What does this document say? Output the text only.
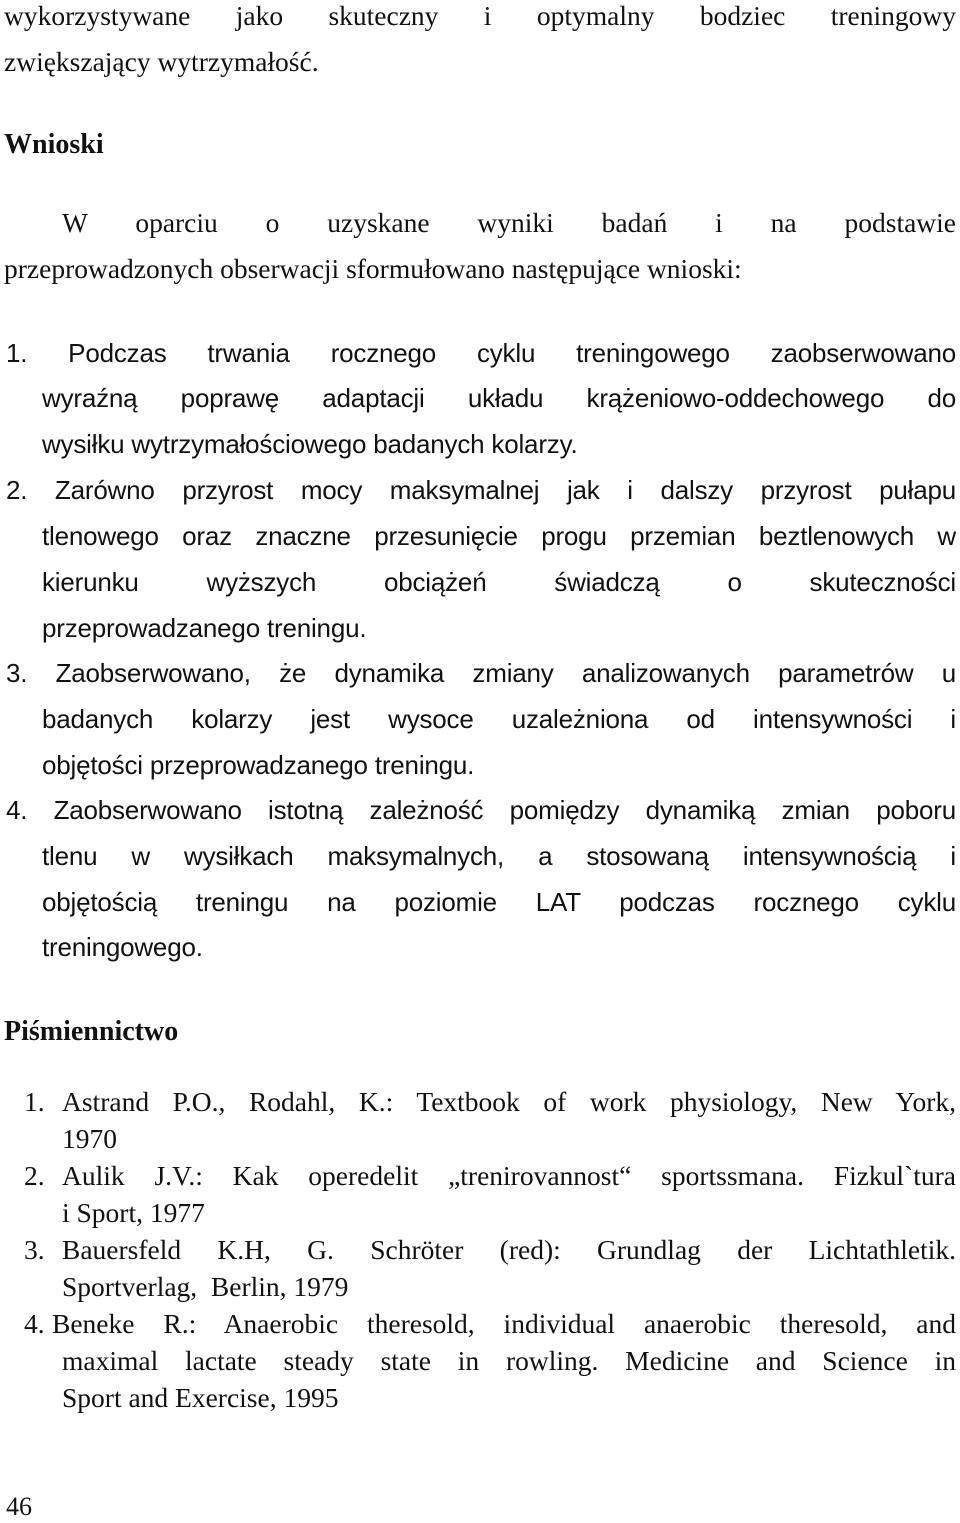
wykorzystywane jako skuteczny i optymalny bodziec treningowy
zwiększający wytrzymałość.
Wnioski
W oparciu o uzyskane wyniki badań i na podstawie
przeprowadzonych obserwacji sformułowano następujące wnioski:
1. Podczas trwania rocznego cyklu treningowego zaobserwowano
wyraźną poprawę adaptacji układu krążeniowo-oddechowego do
wysiłku wytrzymałościowego badanych kolarzy.
2. Zarówno przyrost mocy maksymalnej jak i dalszy przyrost pułapu
tlenowego oraz znaczne przesunięcie progu przemian beztlenowych w
kierunku wyższych obciążeń świadczą o skuteczności
przeprowadzanego treningu.
3. Zaobserwowano, że dynamika zmiany analizowanych parametrów u
badanych kolarzy jest wysoce uzależniona od intensywności i
objętości przeprowadzanego treningu.
4. Zaobserwowano istotną zależność pomiędzy dynamiką zmian poboru
tlenu w wysiłkach maksymalnych, a stosowaną intensywnością i
objętością treningu na poziomie LAT podczas rocznego cyklu
treningowego.
Piśmiennictwo
1. Astrand P.O., Rodahl, K.: Textbook of work physiology, New York,
1970
2. Aulik J.V.: Kak operedelit „trenirovannost“ sportssmana. Fizkul`tura
i Sport, 1977
3. Bauersfeld K.H, G. Schröter (red): Grundlag der Lichtathletik.
Sportverlag,  Berlin, 1979
4. Beneke R.: Anaerobic theresold, individual anaerobic theresold, and
maximal lactate steady state in rowling. Medicine and Science in
Sport and Exercise, 1995
46
